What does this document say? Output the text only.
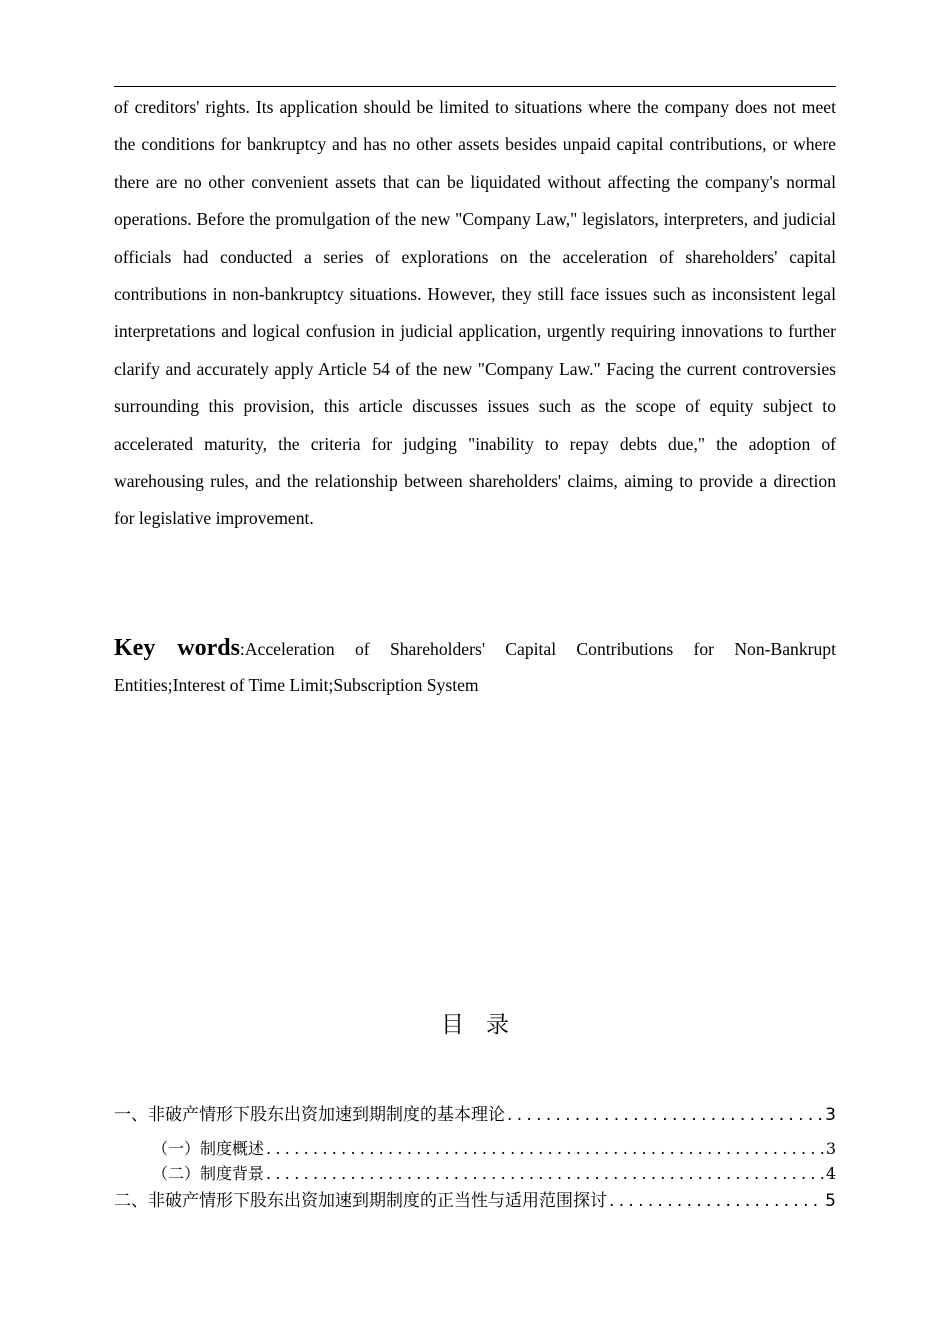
of creditors' rights. Its application should be limited to situations where the company does not meet the conditions for bankruptcy and has no other assets besides unpaid capital contributions, or where there are no other convenient assets that can be liquidated without affecting the company's normal operations. Before the promulgation of the new "Company Law," legislators, interpreters, and judicial officials had conducted a series of explorations on the acceleration of shareholders' capital contributions in non-bankruptcy situations. However, they still face issues such as inconsistent legal interpretations and logical confusion in judicial application, urgently requiring innovations to further clarify and accurately apply Article 54 of the new "Company Law." Facing the current controversies surrounding this provision, this article discusses issues such as the scope of equity subject to accelerated maturity, the criteria for judging "inability to repay debts due," the adoption of warehousing rules, and the relationship between shareholders' claims, aiming to provide a direction for legislative improvement.

Key words:Acceleration of Shareholders' Capital Contributions for Non-Bankrupt Entities;Interest of Time Limit;Subscription System

目录
一、 非破产情形下股东出资加速到期制度的基本理论 .....	3
（一） 制度概述 .....	3
（二） 制度背景 .....	4
二、 非破产情形下股东出资加速到期制度的正当性与适用范围探讨 .....	5
